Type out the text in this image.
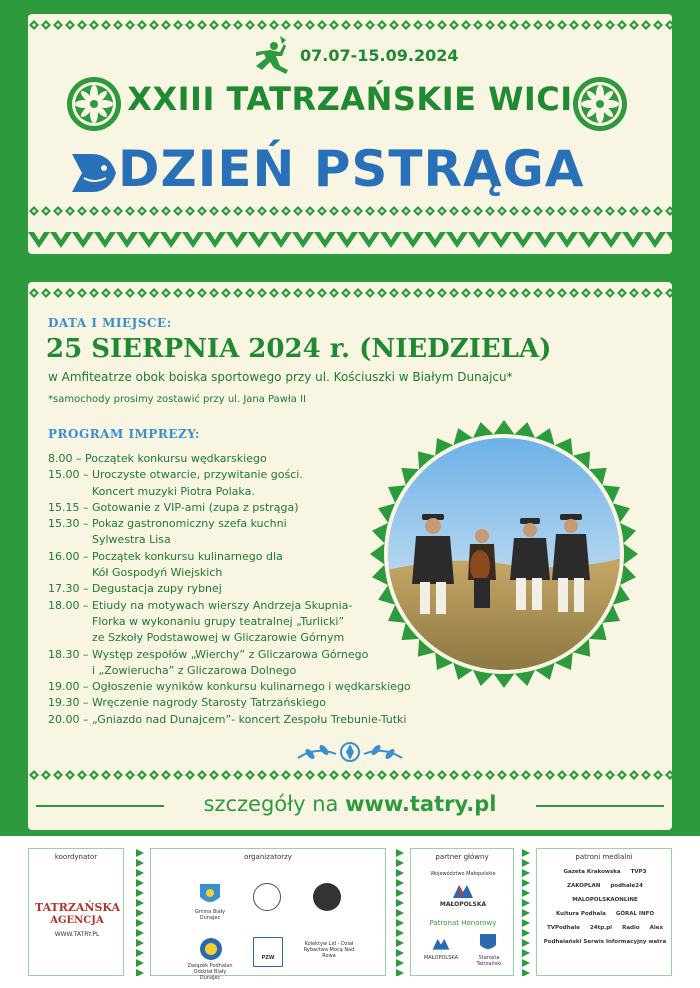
07.07-15.09.2024
XXIII TATRZAŃSKIE WICI
DZIEŃ PSTRĄGA
DATA I MIEJSCE:
25 SIERPNIA 2024 r. (NIEDZIELA)
w Amfiteatrze obok boiska sportowego przy ul. Kościuszki w Białym Dunajcu*
*samochody prosimy zostawić przy ul. Jana Pawła II
PROGRAM IMPREZY:
8.00 – Początek konkursu wędkarskiego
15.00 – Uroczyste otwarcie, przywitanie gości.
Koncert muzyki Piotra Polaka.
15.15 – Gotowanie z VIP-ami (zupa z pstrąga)
15.30 – Pokaz gastronomiczny szefa kuchni
Sylwestra Lisa
16.00 – Początek konkursu kulinarnego dla
Kół Gospodyń Wiejskich
17.30 – Degustacja zupy rybnej
18.00 – Etiudy na motywach wierszy Andrzeja Skupnia-
Florka w wykonaniu grupy teatralnej „Turlicki”
ze Szkoły Podstawowej w Gliczarowie Górnym
18.30 – Występ zespołów „Wierchy” z Gliczarowa Górnego
i „Zowierucha” z Gliczarowa Dolnego
19.00 – Ogłoszenie wyników konkursu kulinarnego i wędkarskiego
19.30 – Wręczenie nagrody Starosty Tatrzańskiego
20.00 – „Gniazdo nad Dunajcem”- koncert Zespołu Trebunie-Tutki
szczegóły na www.tatry.pl
koordynator
TATRZAŃSKA
AGENCJA
WWW.TATRY.PL
organizatorzy
Gmina Biały Dunajec
Związek Podhalan Oddział Biały Dunajec
PZW
Kolektyw Lid - Dział Rybactwa Mocą Nad Rowa
partner główny
Województwo Małopolskie
MAŁOPOLSKA
Patronat Honorowy
MAŁOPOLSKA	Starosta Tatrzański
patroni medialni
Gazeta Krakowska	TVP3
ZAKOPLAN	podhale24
MALOPOLSKAONLINE
Kultura Podhala	GÓRAL INFO
TVPodhale	24tp.pl	Radio	Alex
Podhalański Serwis Informacyjny watra
